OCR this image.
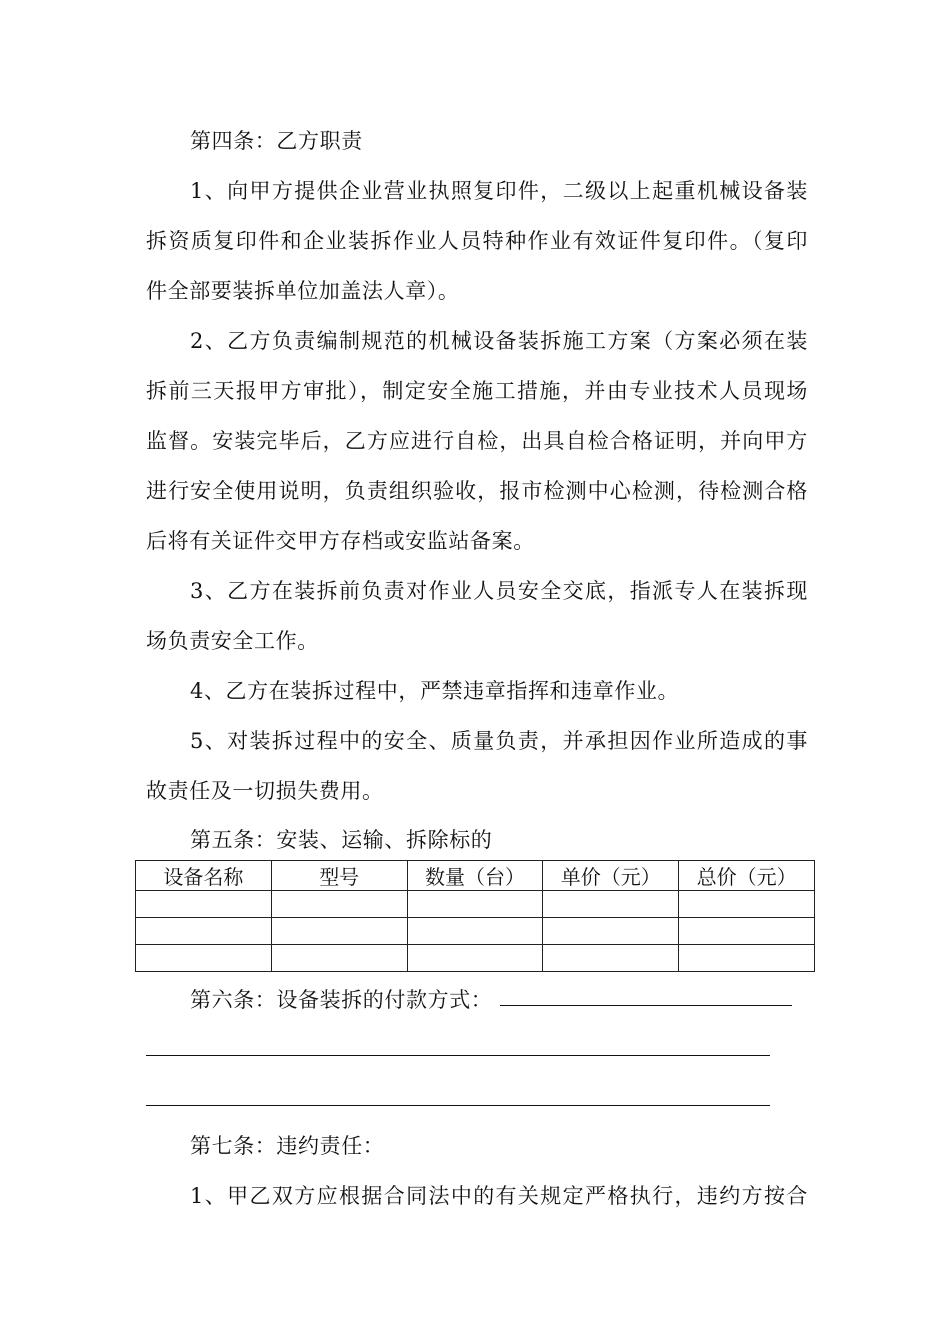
第四条：乙方职责
1、向甲方提供企业营业执照复印件，二级以上起重机械设备装
拆资质复印件和企业装拆作业人员特种作业有效证件复印件。（复印
件全部要装拆单位加盖法人章）。
2、乙方负责编制规范的机械设备装拆施工方案（方案必须在装
拆前三天报甲方审批），制定安全施工措施，并由专业技术人员现场
监督。安装完毕后，乙方应进行自检，出具自检合格证明，并向甲方
进行安全使用说明，负责组织验收，报市检测中心检测，待检测合格
后将有关证件交甲方存档或安监站备案。
3、乙方在装拆前负责对作业人员安全交底，指派专人在装拆现
场负责安全工作。
4、乙方在装拆过程中，严禁违章指挥和违章作业。
5、对装拆过程中的安全、质量负责，并承担因作业所造成的事
故责任及一切损失费用。
第五条：安装、运输、拆除标的
设备名称	型号	数量（台）	单价（元）	总价（元）

第六条：设备装拆的付款方式：
第七条：违约责任：
1、甲乙双方应根据合同法中的有关规定严格执行，违约方按合
